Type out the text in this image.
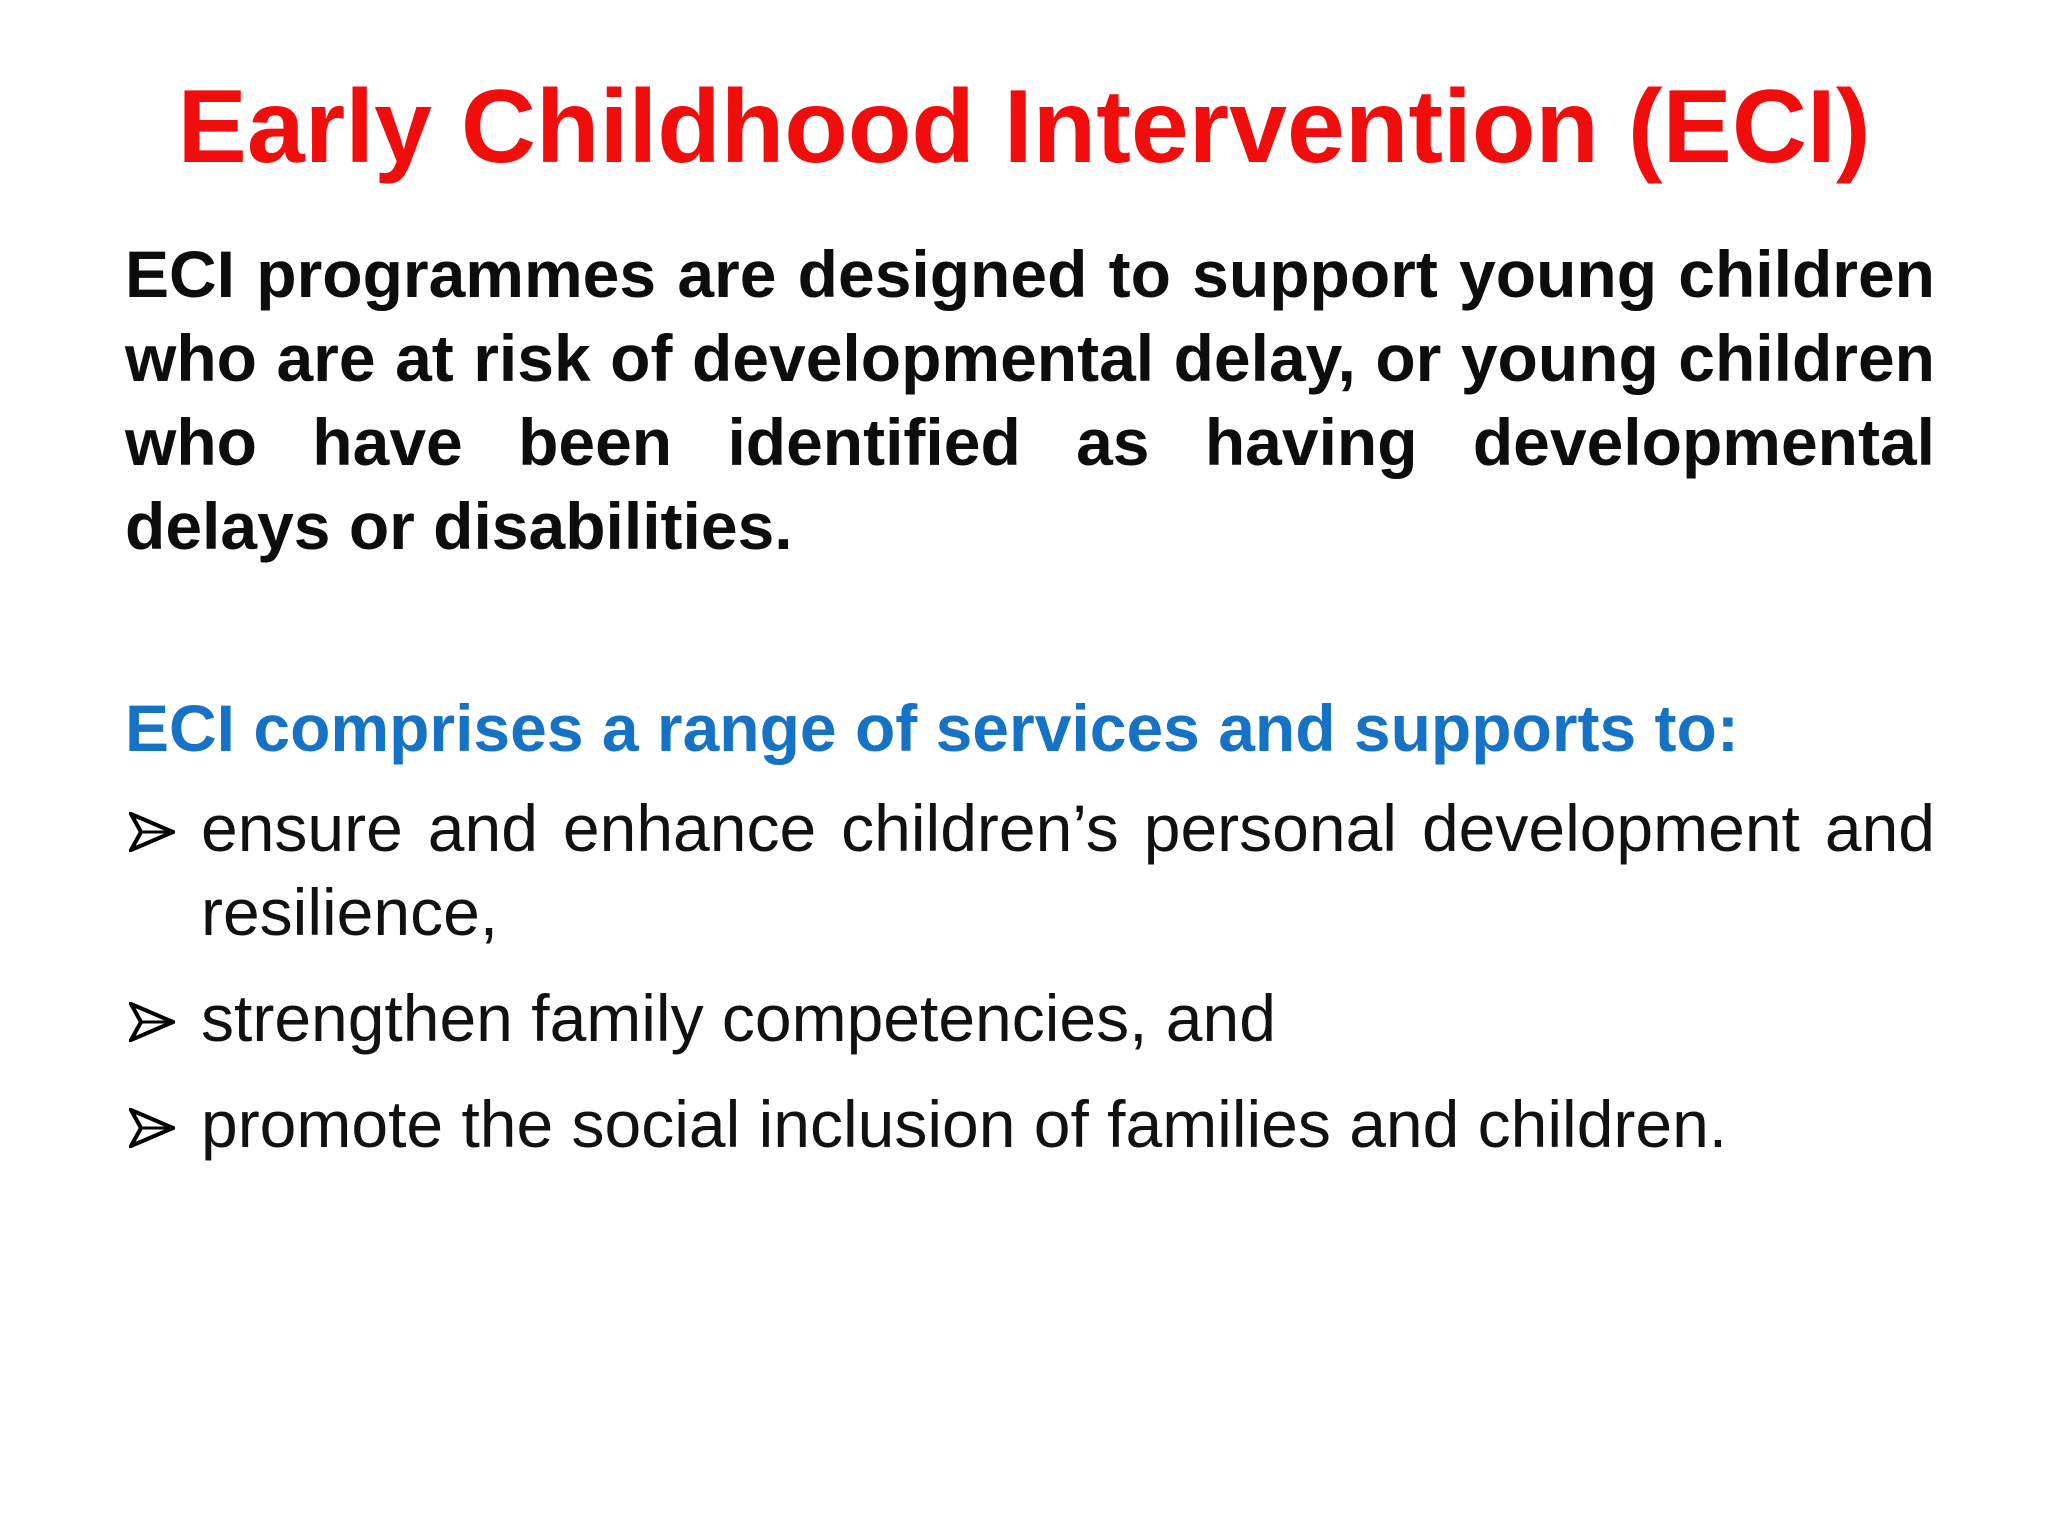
Early Childhood Intervention (ECI)

ECI programmes are designed to support young children who are at risk of developmental delay, or young children who have been identified as having developmental delays or disabilities.

ECI comprises a range of services and supports to:

ensure and enhance children’s personal development and resilience,
strengthen family competencies, and
promote the social inclusion of families and children.
